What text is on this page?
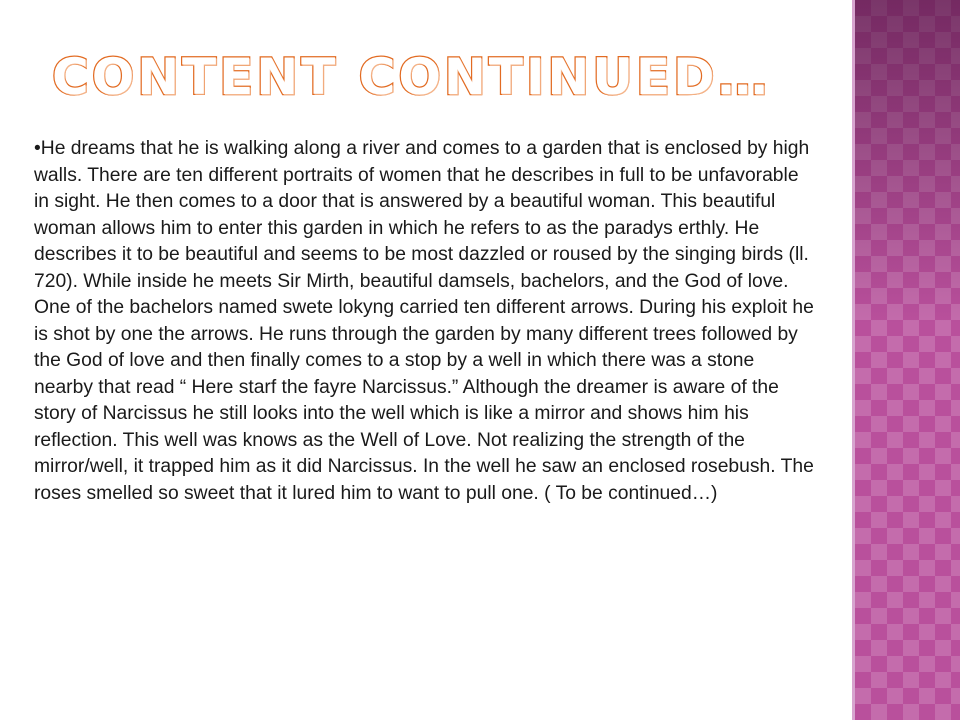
CONTENT CONTINUED…

•He dreams that he is walking along a river and comes to a garden that is enclosed by high walls. There are ten different portraits of women that he describes in full to be unfavorable in sight. He then comes to a door that is answered by a beautiful woman. This beautiful woman allows him to enter this garden in which he refers to as the paradys erthly. He describes it to be beautiful and seems to be most dazzled or roused by the singing birds (ll. 720). While inside he meets Sir Mirth, beautiful damsels, bachelors, and the God of love. One of the bachelors named swete lokyng carried ten different arrows. During his exploit he is shot by one the arrows. He runs through the garden by many different trees followed by the God of love and then finally comes to a stop by a well in which there was a stone nearby that read “ Here starf the fayre Narcissus.” Although the dreamer is aware of the story of Narcissus he still looks into the well which is like a mirror and shows him his reflection. This well was knows as the Well of Love. Not realizing the strength of the mirror/well, it trapped him as it did Narcissus. In the well he saw an enclosed rosebush. The roses smelled so sweet that it lured him to want to pull one. ( To be continued…)
